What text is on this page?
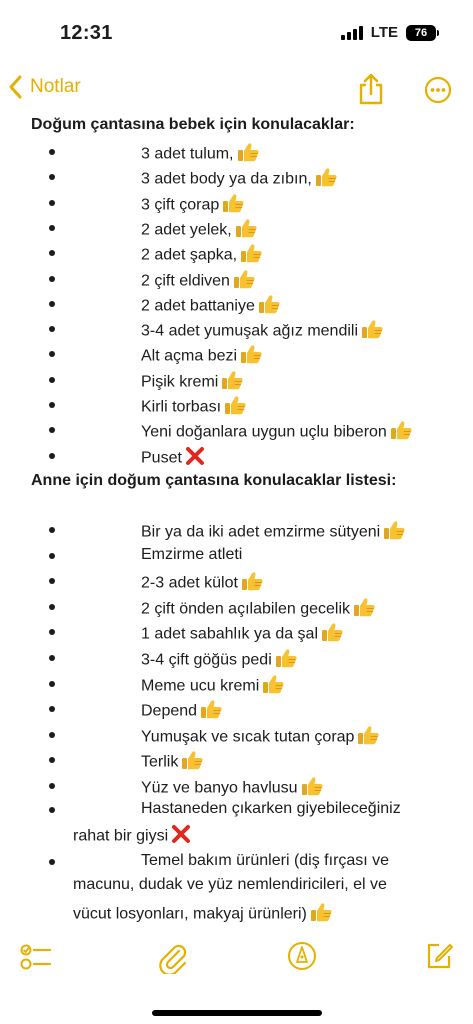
12:31	LTE 76
Notlar
Doğum çantasına bebek için konulacaklar:
3 adet tulum,
3 adet body ya da zıbın,
3 çift çorap
2 adet yelek,
2 adet şapka,
2 çift eldiven
2 adet battaniye
3-4 adet yumuşak ağız mendili
Alt açma bezi
Pişik kremi
Kirli torbası
Yeni doğanlara uygun uçlu biberon
Puset
Anne için doğum çantasına konulacaklar listesi:
Bir ya da iki adet emzirme sütyeni
Emzirme atleti
2-3 adet külot
2 çift önden açılabilen gecelik
1 adet sabahlık ya da şal
3-4 çift göğüs pedi
Meme ucu kremi
Depend
Yumuşak ve sıcak tutan çorap
Terlik
Yüz ve banyo havlusu
Hastaneden çıkarken giyebileceğiniz
rahat bir giysi
Temel bakım ürünleri (diş fırçası ve
macunu, dudak ve yüz nemlendiricileri, el ve
vücut losyonları, makyaj ürünleri)
